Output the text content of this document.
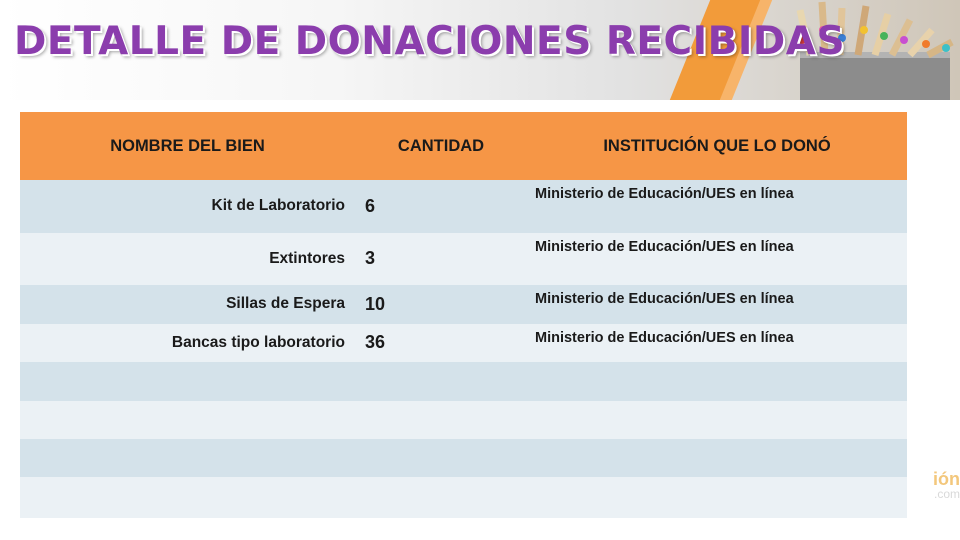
DETALLE DE DONACIONES RECIBIDAS
ión
.com
NOMBRE DEL BIEN	CANTIDAD	INSTITUCIÓN QUE LO DONÓ
Kit de Laboratorio	6	Ministerio de Educación/UES en línea
Extintores	3	Ministerio de Educación/UES en línea
Sillas de Espera	10	Ministerio de Educación/UES en línea
Bancas tipo laboratorio	36	Ministerio de Educación/UES en línea
